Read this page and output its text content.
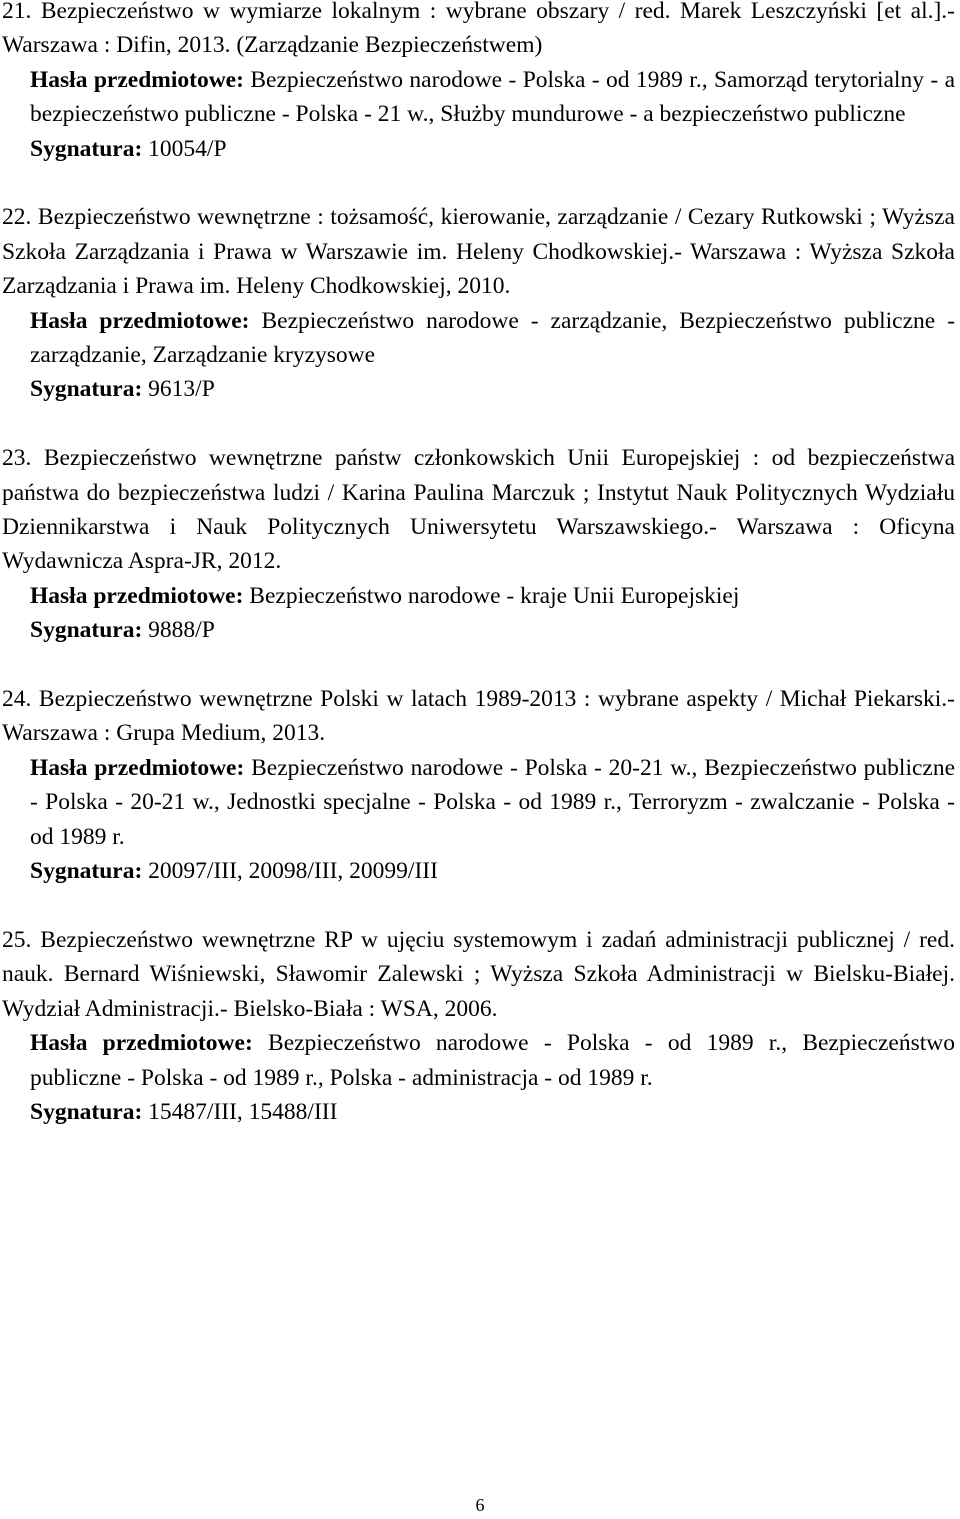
21. Bezpieczeństwo w wymiarze lokalnym : wybrane obszary / red. Marek Leszczyński [et al.].- Warszawa : Difin, 2013. (Zarządzanie Bezpieczeństwem)

Hasła przedmiotowe: Bezpieczeństwo narodowe - Polska - od 1989 r., Samorząd terytorialny - a bezpieczeństwo publiczne - Polska - 21 w., Służby mundurowe - a bezpieczeństwo publiczne

Sygnatura: 10054/P

22. Bezpieczeństwo wewnętrzne : tożsamość, kierowanie, zarządzanie / Cezary Rutkowski ; Wyższa Szkoła Zarządzania i Prawa w Warszawie im. Heleny Chodkowskiej.- Warszawa : Wyższa Szkoła Zarządzania i Prawa im. Heleny Chodkowskiej, 2010.

Hasła przedmiotowe: Bezpieczeństwo narodowe - zarządzanie, Bezpieczeństwo publiczne - zarządzanie, Zarządzanie kryzysowe

Sygnatura: 9613/P

23. Bezpieczeństwo wewnętrzne państw członkowskich Unii Europejskiej : od bezpieczeństwa państwa do bezpieczeństwa ludzi / Karina Paulina Marczuk ; Instytut Nauk Politycznych Wydziału Dziennikarstwa i Nauk Politycznych Uniwersytetu Warszawskiego.- Warszawa : Oficyna Wydawnicza Aspra-JR, 2012.

Hasła przedmiotowe: Bezpieczeństwo narodowe - kraje Unii Europejskiej

Sygnatura: 9888/P

24. Bezpieczeństwo wewnętrzne Polski w latach 1989-2013 : wybrane aspekty / Michał Piekarski.- Warszawa : Grupa Medium, 2013.

Hasła przedmiotowe: Bezpieczeństwo narodowe - Polska - 20-21 w., Bezpieczeństwo publiczne - Polska - 20-21 w., Jednostki specjalne - Polska - od 1989 r., Terroryzm - zwalczanie - Polska - od 1989 r.

Sygnatura: 20097/III, 20098/III, 20099/III

25. Bezpieczeństwo wewnętrzne RP w ujęciu systemowym i zadań administracji publicznej / red. nauk. Bernard Wiśniewski, Sławomir Zalewski ; Wyższa Szkoła Administracji w Bielsku-Białej. Wydział Administracji.- Bielsko-Biała : WSA, 2006.

Hasła przedmiotowe: Bezpieczeństwo narodowe - Polska - od 1989 r., Bezpieczeństwo publiczne - Polska - od 1989 r., Polska - administracja - od 1989 r.

Sygnatura: 15487/III, 15488/III

6
